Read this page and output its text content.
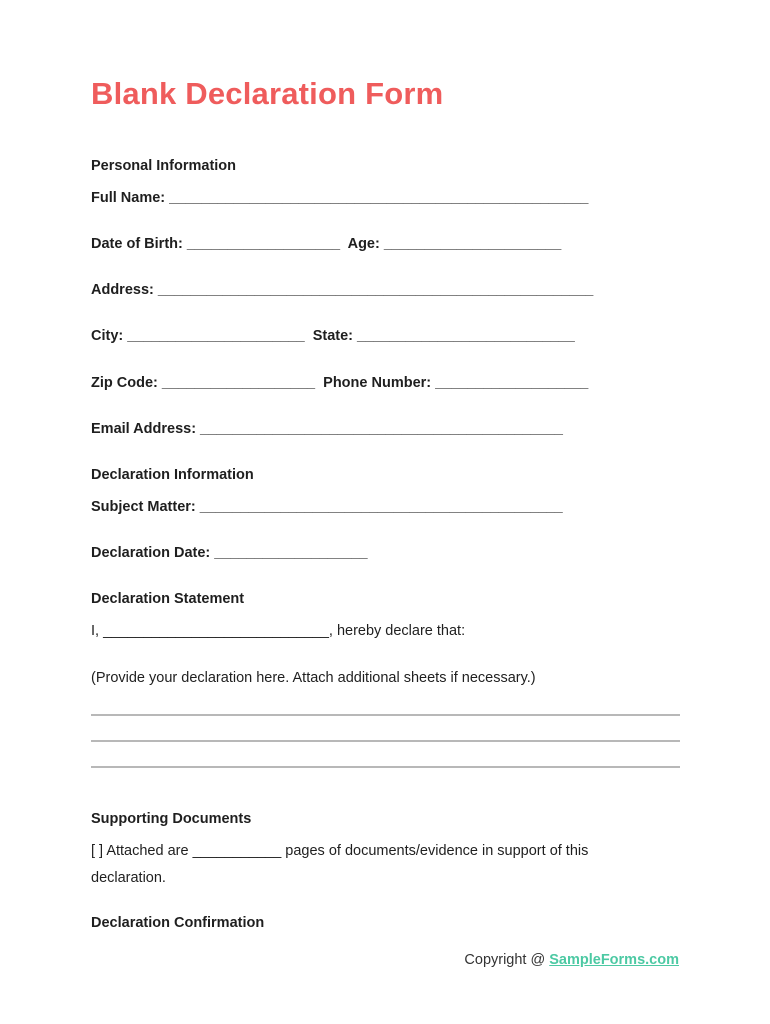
Blank Declaration Form
Personal Information
Full Name: ____________________________________________________
Date of Birth: ___________________  Age: ______________________
Address: ______________________________________________________
City: ______________________  State: ___________________________
Zip Code: ___________________  Phone Number: ___________________
Email Address: _____________________________________________
Declaration Information
Subject Matter: _____________________________________________
Declaration Date: ___________________
Declaration Statement
I, ____________________________, hereby declare that:
(Provide your declaration here. Attach additional sheets if necessary.)
Supporting Documents
[ ] Attached are ___________ pages of documents/evidence in support of this
declaration.
Declaration Confirmation
Copyright @ SampleForms.com
